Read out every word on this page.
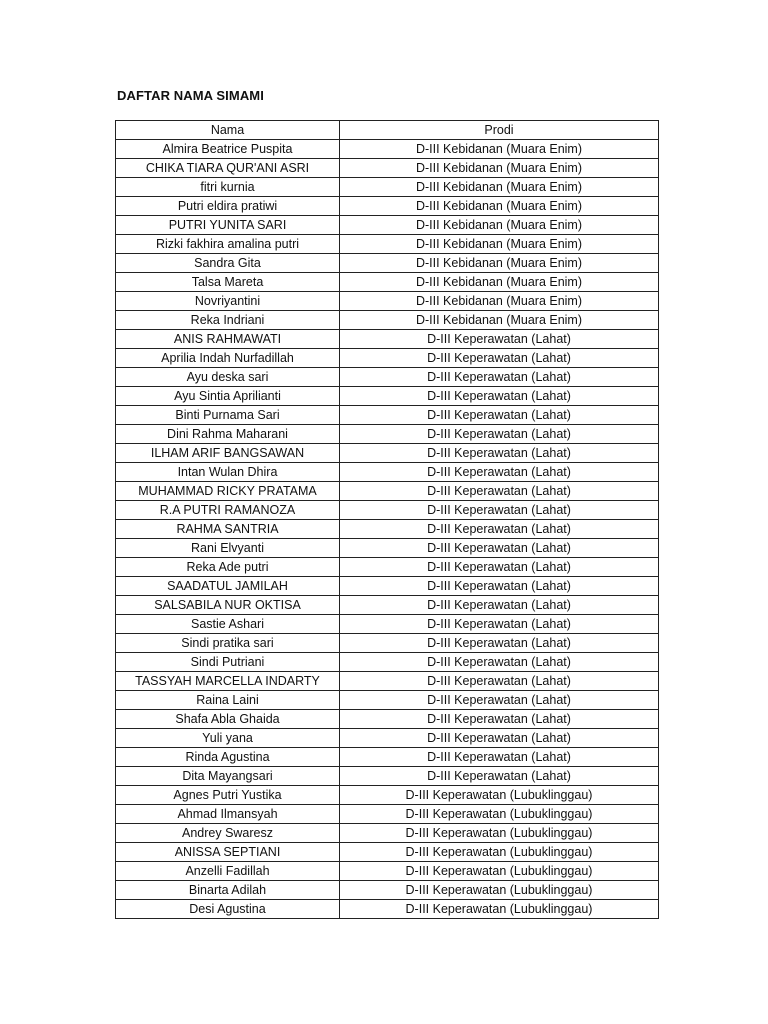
DAFTAR NAMA SIMAMI
Nama	Prodi
Almira Beatrice Puspita	D-III Kebidanan (Muara Enim)
CHIKA TIARA QUR'ANI ASRI	D-III Kebidanan (Muara Enim)
fitri kurnia	D-III Kebidanan (Muara Enim)
Putri eldira pratiwi	D-III Kebidanan (Muara Enim)
PUTRI YUNITA SARI	D-III Kebidanan (Muara Enim)
Rizki fakhira amalina putri	D-III Kebidanan (Muara Enim)
Sandra Gita	D-III Kebidanan (Muara Enim)
Talsa Mareta	D-III Kebidanan (Muara Enim)
Novriyantini	D-III Kebidanan (Muara Enim)
Reka Indriani	D-III Kebidanan (Muara Enim)
ANIS RAHMAWATI	D-III Keperawatan (Lahat)
Aprilia Indah Nurfadillah	D-III Keperawatan (Lahat)
Ayu deska sari	D-III Keperawatan (Lahat)
Ayu Sintia Aprilianti	D-III Keperawatan (Lahat)
Binti Purnama Sari	D-III Keperawatan (Lahat)
Dini Rahma Maharani	D-III Keperawatan (Lahat)
ILHAM ARIF BANGSAWAN	D-III Keperawatan (Lahat)
Intan Wulan Dhira	D-III Keperawatan (Lahat)
MUHAMMAD RICKY PRATAMA	D-III Keperawatan (Lahat)
R.A PUTRI RAMANOZA	D-III Keperawatan (Lahat)
RAHMA SANTRIA	D-III Keperawatan (Lahat)
Rani Elvyanti	D-III Keperawatan (Lahat)
Reka Ade putri	D-III Keperawatan (Lahat)
SAADATUL JAMILAH	D-III Keperawatan (Lahat)
SALSABILA NUR OKTISA	D-III Keperawatan (Lahat)
Sastie Ashari	D-III Keperawatan (Lahat)
Sindi pratika sari	D-III Keperawatan (Lahat)
Sindi Putriani	D-III Keperawatan (Lahat)
TASSYAH MARCELLA INDARTY	D-III Keperawatan (Lahat)
Raina Laini	D-III Keperawatan (Lahat)
Shafa Abla Ghaida	D-III Keperawatan (Lahat)
Yuli yana	D-III Keperawatan (Lahat)
Rinda Agustina	D-III Keperawatan (Lahat)
Dita Mayangsari	D-III Keperawatan (Lahat)
Agnes Putri Yustika	D-III Keperawatan (Lubuklinggau)
Ahmad Ilmansyah	D-III Keperawatan (Lubuklinggau)
Andrey Swaresz	D-III Keperawatan (Lubuklinggau)
ANISSA SEPTIANI	D-III Keperawatan (Lubuklinggau)
Anzelli Fadillah	D-III Keperawatan (Lubuklinggau)
Binarta Adilah	D-III Keperawatan (Lubuklinggau)
Desi Agustina	D-III Keperawatan (Lubuklinggau)
